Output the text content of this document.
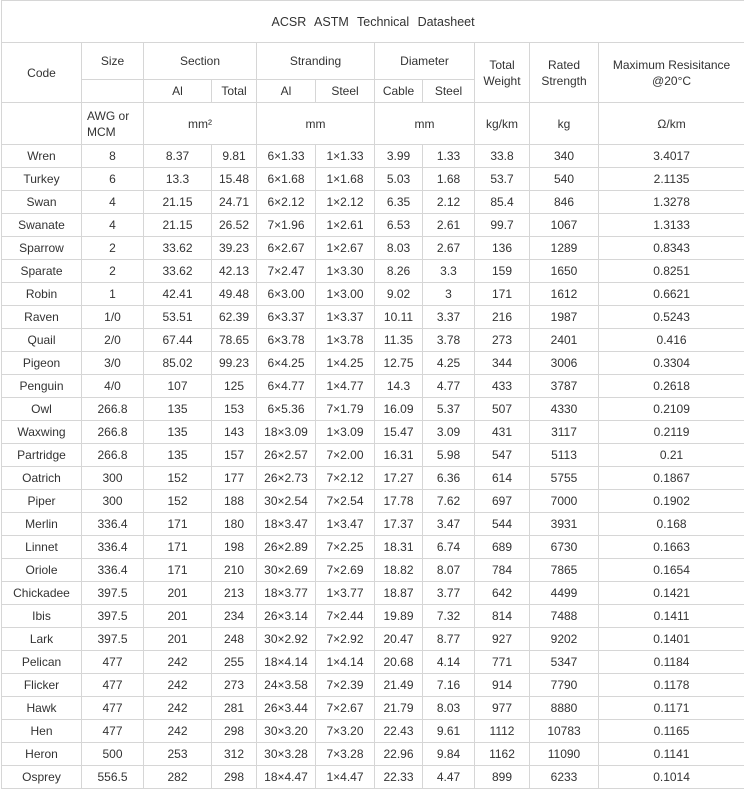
ACSR ASTM Technical Datasheet										
Code	Size	Section		Stranding		Diameter		Total Weight	Rated Strength	Maximum Resisitance @20°C
		Al	Total	Al	Steel	Cable	Steel			
	AWG or MCM	mm²		mm		mm		kg/km	kg	Ω/km
Wren	8	8.37	9.81	6×1.33	1×1.33	3.99	1.33	33.8	340	3.4017
Turkey	6	13.3	15.48	6×1.68	1×1.68	5.03	1.68	53.7	540	2.1135
Swan	4	21.15	24.71	6×2.12	1×2.12	6.35	2.12	85.4	846	1.3278
Swanate	4	21.15	26.52	7×1.96	1×2.61	6.53	2.61	99.7	1067	1.3133
Sparrow	2	33.62	39.23	6×2.67	1×2.67	8.03	2.67	136	1289	0.8343
Sparate	2	33.62	42.13	7×2.47	1×3.30	8.26	3.3	159	1650	0.8251
Robin	1	42.41	49.48	6×3.00	1×3.00	9.02	3	171	1612	0.6621
Raven	1/0	53.51	62.39	6×3.37	1×3.37	10.11	3.37	216	1987	0.5243
Quail	2/0	67.44	78.65	6×3.78	1×3.78	11.35	3.78	273	2401	0.416
Pigeon	3/0	85.02	99.23	6×4.25	1×4.25	12.75	4.25	344	3006	0.3304
Penguin	4/0	107	125	6×4.77	1×4.77	14.3	4.77	433	3787	0.2618
Owl	266.8	135	153	6×5.36	7×1.79	16.09	5.37	507	4330	0.2109
Waxwing	266.8	135	143	18×3.09	1×3.09	15.47	3.09	431	3117	0.2119
Partridge	266.8	135	157	26×2.57	7×2.00	16.31	5.98	547	5113	0.21
Oatrich	300	152	177	26×2.73	7×2.12	17.27	6.36	614	5755	0.1867
Piper	300	152	188	30×2.54	7×2.54	17.78	7.62	697	7000	0.1902
Merlin	336.4	171	180	18×3.47	1×3.47	17.37	3.47	544	3931	0.168
Linnet	336.4	171	198	26×2.89	7×2.25	18.31	6.74	689	6730	0.1663
Oriole	336.4	171	210	30×2.69	7×2.69	18.82	8.07	784	7865	0.1654
Chickadee	397.5	201	213	18×3.77	1×3.77	18.87	3.77	642	4499	0.1421
Ibis	397.5	201	234	26×3.14	7×2.44	19.89	7.32	814	7488	0.1411
Lark	397.5	201	248	30×2.92	7×2.92	20.47	8.77	927	9202	0.1401
Pelican	477	242	255	18×4.14	1×4.14	20.68	4.14	771	5347	0.1184
Flicker	477	242	273	24×3.58	7×2.39	21.49	7.16	914	7790	0.1178
Hawk	477	242	281	26×3.44	7×2.67	21.79	8.03	977	8880	0.1171
Hen	477	242	298	30×3.20	7×3.20	22.43	9.61	1112	10783	0.1165
Heron	500	253	312	30×3.28	7×3.28	22.96	9.84	1162	11090	0.1141
Osprey	556.5	282	298	18×4.47	1×4.47	22.33	4.47	899	6233	0.1014
